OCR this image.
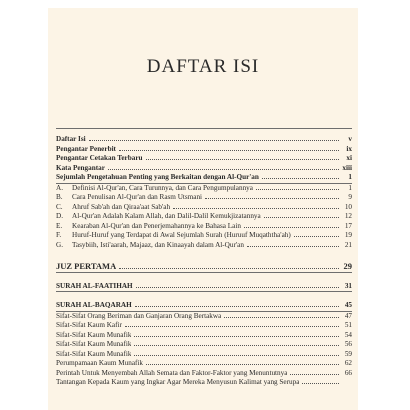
DAFTAR ISI
Daftar Isi	v
Pengantar Penerbit	ix
Pengantar Cetakan Terbaru	xi
Kata Pengantar	xiii
Sejumlah Pengetahuan Penting yang Berkaitan dengan Al-Qur'an	1
A.	Definisi Al-Qur'an, Cara Turunnya, dan Cara Pengumpulannya	1
B.	Cara Penulisan Al-Qur'an dan Rasm Utsmani	9
C.	Ahruf Sab'ah dan Qiraa'aat Sab'ah	10
D.	Al-Qur'an Adalah Kalam Allah, dan Dalil-Dalil Kemukjizatannya	12
E.	Kearaban Al-Qur'an dan Penerjemahannya ke Bahasa Lain	17
F.	Huruf-Huruf yang Terdapat di Awal Sejumlah Surah (Huruuf Muqaththa'ah)	19
G.	Tasybiih, Isti'aarah, Majaaz, dan Kinaayah dalam Al-Qur'an	21
JUZ PERTAMA	29
SURAH AL-FAATIHAH	31
SURAH AL-BAQARAH	45
Sifat-Sifat Orang Beriman dan Ganjaran Orang Bertakwa	47
Sifat-Sifat Kaum Kafir	51
Sifat-Sifat Kaum Munafik	54
Sifat-Sifat Kaum Munafik	56
Sifat-Sifat Kaum Munafik	59
Perumpamaan Kaum Munafik	62
Perintah Untuk Menyembah Allah Semata dan Faktor-Faktor yang Menuntutnya	66
Tantangan Kepada Kaum yang Ingkar Agar Mereka Menyusun Kalimat yang Serupa
